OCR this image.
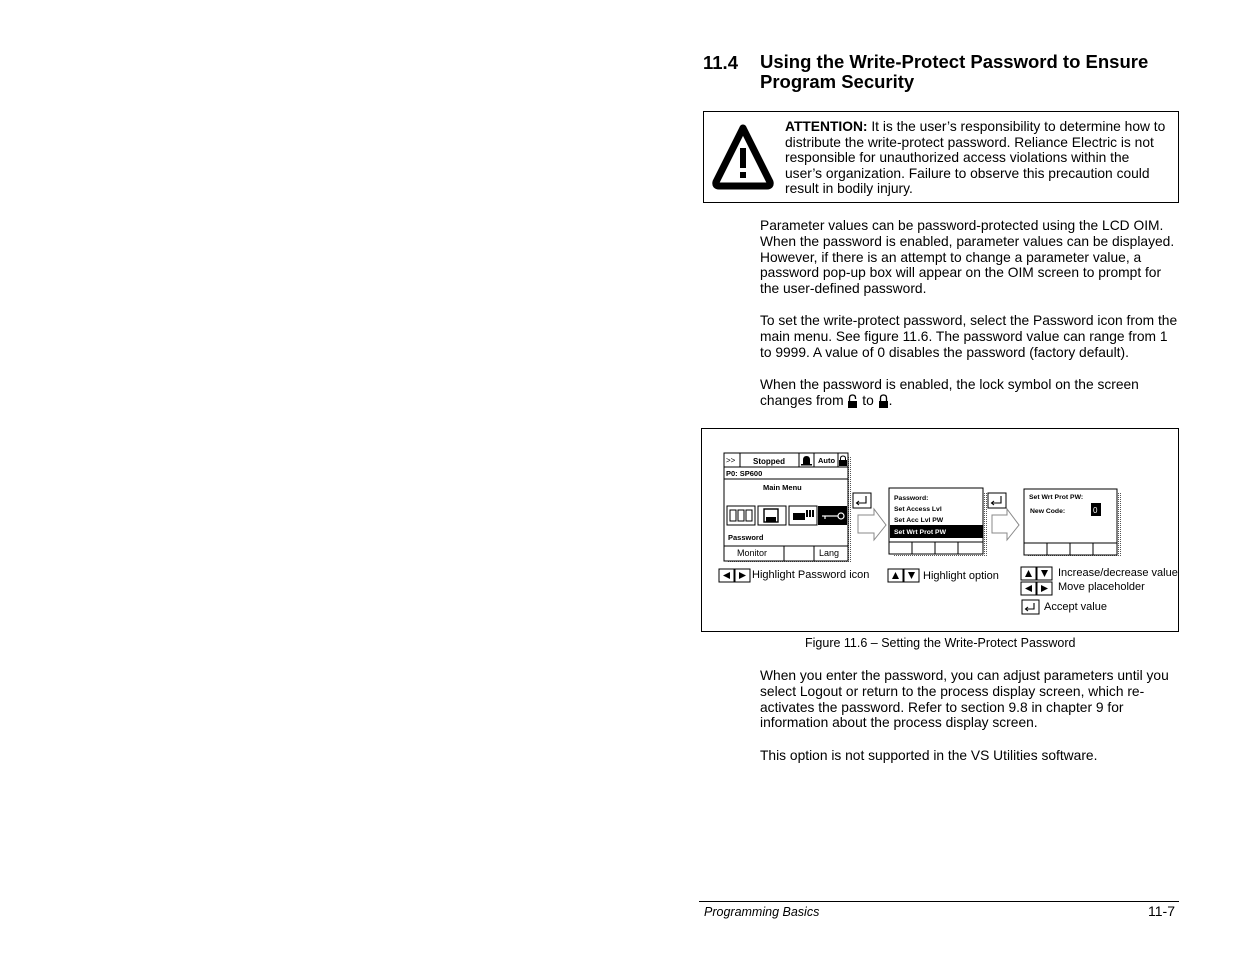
11.4 Using the Write-Protect Password to Ensure Program Security
ATTENTION: It is the user’s responsibility to determine how to distribute the write-protect password. Reliance Electric is not responsible for unauthorized access violations within the user’s organization. Failure to observe this precaution could result in bodily injury.
Parameter values can be password-protected using the LCD OIM. When the password is enabled, parameter values can be displayed. However, if there is an attempt to change a parameter value, a password pop-up box will appear on the OIM screen to prompt for the user-defined password.
To set the write-protect password, select the Password icon from the main menu. See figure 11.6. The password value can range from 1 to 9999. A value of 0 disables the password (factory default).
When the password is enabled, the lock symbol on the screen changes from  to .
>> Stopped	Auto
P0: SP600
Main Menu
Password
Monitor	Lang
Password:
Set Access Lvl
Set Acc Lvl PW
Set Wrt Prot PW
Set Wrt Prot PW:
New Code:	0
Highlight Password icon	Highlight option	Increase/decrease value
Move placeholder
Accept value
Figure 11.6 – Setting the Write-Protect Password
When you enter the password, you can adjust parameters until you select Logout or return to the process display screen, which re-activates the password. Refer to section 9.8 in chapter 9 for information about the process display screen.
This option is not supported in the VS Utilities software.
Programming Basics	11-7
